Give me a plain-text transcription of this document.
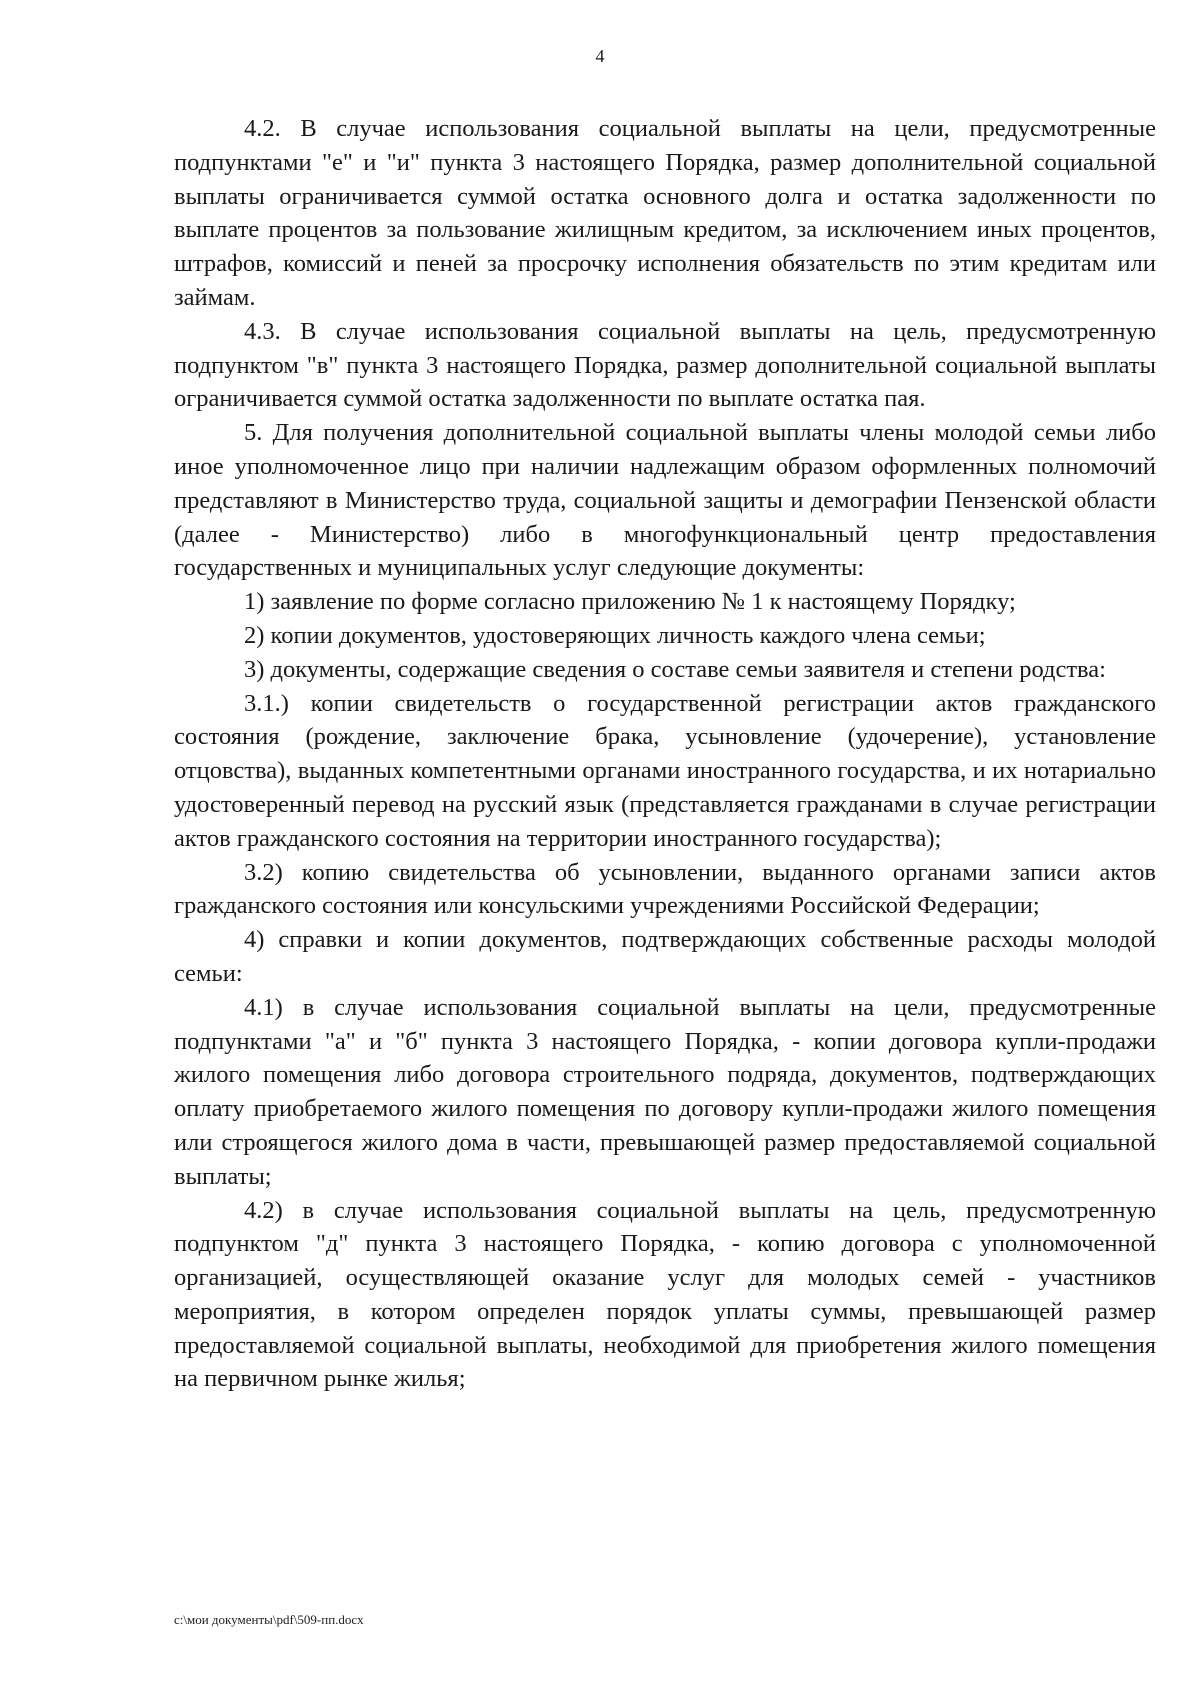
4

4.2. В случае использования социальной выплаты на цели, предусмотренные подпунктами "е" и "и" пункта 3 настоящего Порядка, размер дополнительной социальной выплаты ограничивается суммой остатка основного долга и остатка задолженности по выплате процентов за пользование жилищным кредитом, за исключением иных процентов, штрафов, комиссий и пеней за просрочку исполнения обязательств по этим кредитам или займам.

4.3. В случае использования социальной выплаты на цель, предусмотренную подпунктом "в" пункта 3 настоящего Порядка, размер дополнительной социальной выплаты ограничивается суммой остатка задолженности по выплате остатка пая.

5. Для получения дополнительной социальной выплаты члены молодой семьи либо иное уполномоченное лицо при наличии надлежащим образом оформленных полномочий представляют в Министерство труда, социальной защиты и демографии Пензенской области (далее - Министерство) либо в многофункциональный центр предоставления государственных и муниципальных услуг следующие документы:

1) заявление по форме согласно приложению № 1 к настоящему Порядку;

2) копии документов, удостоверяющих личность каждого члена семьи;

3) документы, содержащие сведения о составе семьи заявителя и степени родства:

3.1.) копии свидетельств о государственной регистрации актов гражданского состояния (рождение, заключение брака, усыновление (удочерение), установление отцовства), выданных компетентными органами иностранного государства, и их нотариально удостоверенный перевод на русский язык (представляется гражданами в случае регистрации актов гражданского состояния на территории иностранного государства);

3.2) копию свидетельства об усыновлении, выданного органами записи актов гражданского состояния или консульскими учреждениями Российской Федерации;

4) справки и копии документов, подтверждающих собственные расходы молодой семьи:

4.1) в случае использования социальной выплаты на цели, предусмотренные подпунктами "а" и "б" пункта 3 настоящего Порядка, - копии договора купли-продажи жилого помещения либо договора строительного подряда, документов, подтверждающих оплату приобретаемого жилого помещения по договору купли-продажи жилого помещения или строящегося жилого дома в части, превышающей размер предоставляемой социальной выплаты;

4.2) в случае использования социальной выплаты на цель, предусмотренную подпунктом "д" пункта 3 настоящего Порядка, - копию договора с уполномоченной организацией, осуществляющей оказание услуг для молодых семей - участников мероприятия, в котором определен порядок уплаты суммы, превышающей размер предоставляемой социальной выплаты, необходимой для приобретения жилого помещения на первичном рынке жилья;

c:\мои документы\pdf\509-пп.docx
